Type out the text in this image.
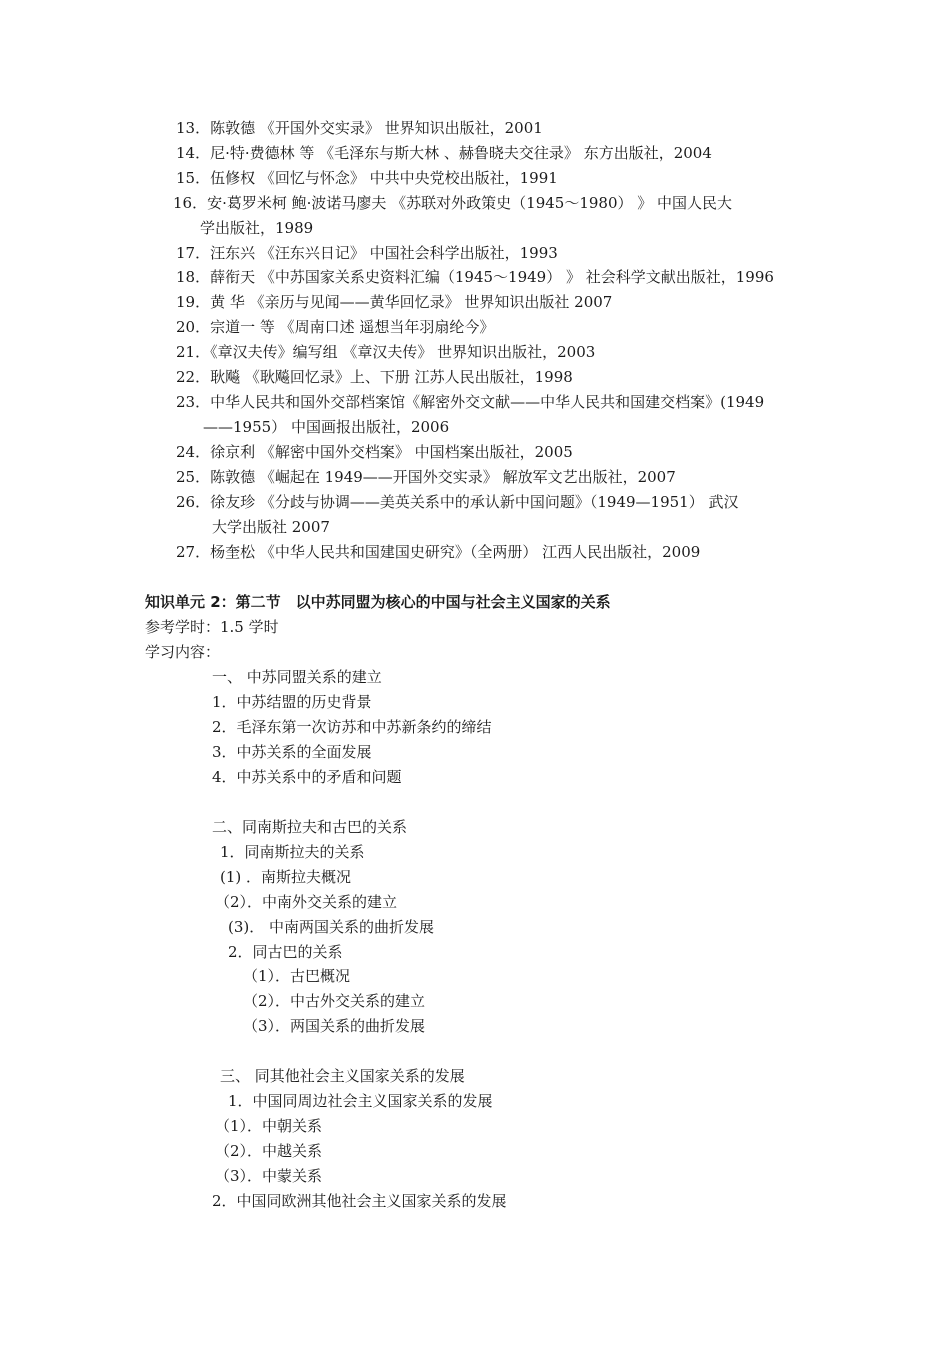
13．陈敦德 《开国外交实录》 世界知识出版社，2001
14．尼·特·费德林 等 《毛泽东与斯大林 、赫鲁晓夫交往录》 东方出版社，2004
15．伍修权 《回忆与怀念》 中共中央党校出版社，1991
16．安·葛罗米柯 鲍·波诺马廖夫 《苏联对外政策史（1945～1980） 》 中国人民大
学出版社，1989
17．汪东兴 《汪东兴日记》 中国社会科学出版社，1993
18．薛衔天 《中苏国家关系史资料汇编（1945～1949） 》 社会科学文献出版社，1996
19．黄 华 《亲历与见闻——黄华回忆录》 世界知识出版社 2007
20．宗道一 等 《周南口述 遥想当年羽扇纶今》
21．《章汉夫传》编写组 《章汉夫传》 世界知识出版社，2003
22．耿飚 《耿飚回忆录》上、下册 江苏人民出版社，1998
23．中华人民共和国外交部档案馆《解密外交文献——中华人民共和国建交档案》(1949
——1955） 中国画报出版社，2006
24．徐京利 《解密中国外交档案》 中国档案出版社，2005
25．陈敦德 《崛起在 1949——开国外交实录》 解放军文艺出版社，2007
26．徐友珍 《分歧与协调——美英关系中的承认新中国问题》（1949—1951） 武汉
大学出版社 2007
27．杨奎松 《中华人民共和国建国史研究》（全两册） 江西人民出版社，2009
知识单元 2：第二节　以中苏同盟为核心的中国与社会主义国家的关系
参考学时：1.5 学时
学习内容：
一、 中苏同盟关系的建立
1．中苏结盟的历史背景
2．毛泽东第一次访苏和中苏新条约的缔结
3．中苏关系的全面发展
4．中苏关系中的矛盾和问题
二、同南斯拉夫和古巴的关系
1．同南斯拉夫的关系
(1) ．南斯拉夫概况
（2）．中南外交关系的建立
(3)． 中南两国关系的曲折发展
2．同古巴的关系
（1）．古巴概况
（2）．中古外交关系的建立
（3）．两国关系的曲折发展
三、 同其他社会主义国家关系的发展
1．中国同周边社会主义国家关系的发展
（1）．中朝关系
（2）．中越关系
（3）．中蒙关系
2．中国同欧洲其他社会主义国家关系的发展
